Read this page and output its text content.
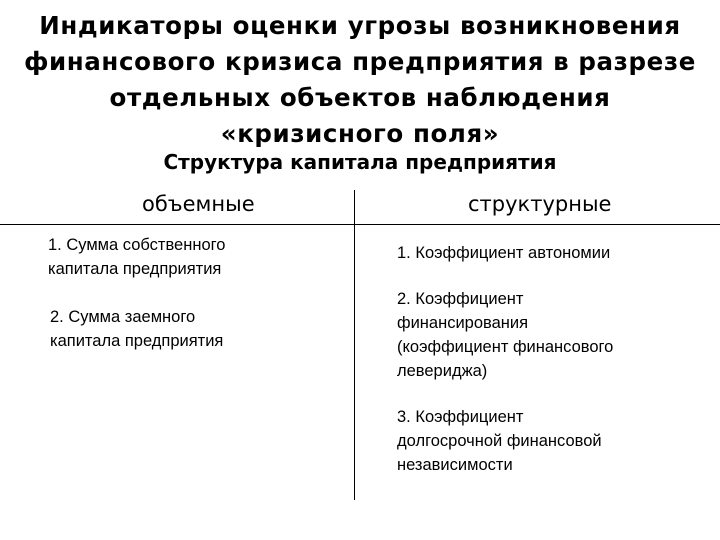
Индикаторы оценки угрозы возникновения
финансового кризиса предприятия в разрезе
отдельных объектов наблюдения
«кризисного поля»
Структура капитала предприятия
объемные	структурные
1. Сумма собственного
капитала предприятия
2. Сумма заемного
капитала предприятия
1. Коэффициент автономии
2. Коэффициент
финансирования
(коэффициент финансового
левериджа)
3. Коэффициент
долгосрочной финансовой
независимости
